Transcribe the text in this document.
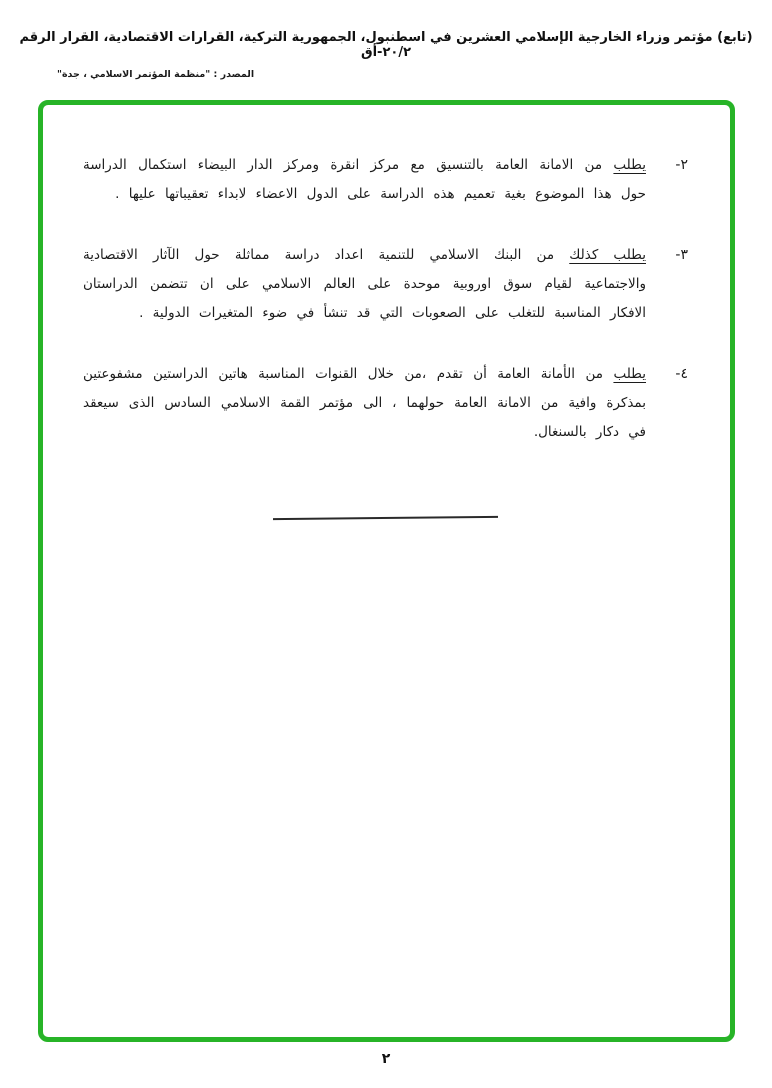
(تابع) مؤتمر وزراء الخارجية الإسلامي العشرين في اسطنبول، الجمهورية التركية، القرارات الاقتصادية، القرار الرقم ٢٠/٢-أق
المصدر : "منظمة المؤتمر الاسلامي ، جدة"
٢-

يطلب من الامانة العامة بالتنسيق مع مركز انقرة ومركز الدار البيضاء استكمال الدراسة حول هذا الموضوع بغية تعميم هذه الدراسة على الدول الاعضاء لابداء تعقيباتها عليها .

٣-

يطلب كذلك من البنك الاسلامي للتنمية اعداد دراسة مماثلة حول الآثار الاقتصادية والاجتماعية لقيام سوق اوروبية موحدة على العالم الاسلامي على ان تتضمن الدراستان الافكار المناسبة للتغلب على الصعوبات التي قد تنشأ في ضوء المتغيرات الدولية .

٤-

يطلب من الأمانة العامة أن تقدم ،من خلال القنوات المناسبة هاتين الدراستين مشفوعتين بمذكرة وافية من الامانة العامة حولهما ، الى مؤتمر القمة الاسلامي السادس الذى سيعقد في دكار بالسنغال.

٢
